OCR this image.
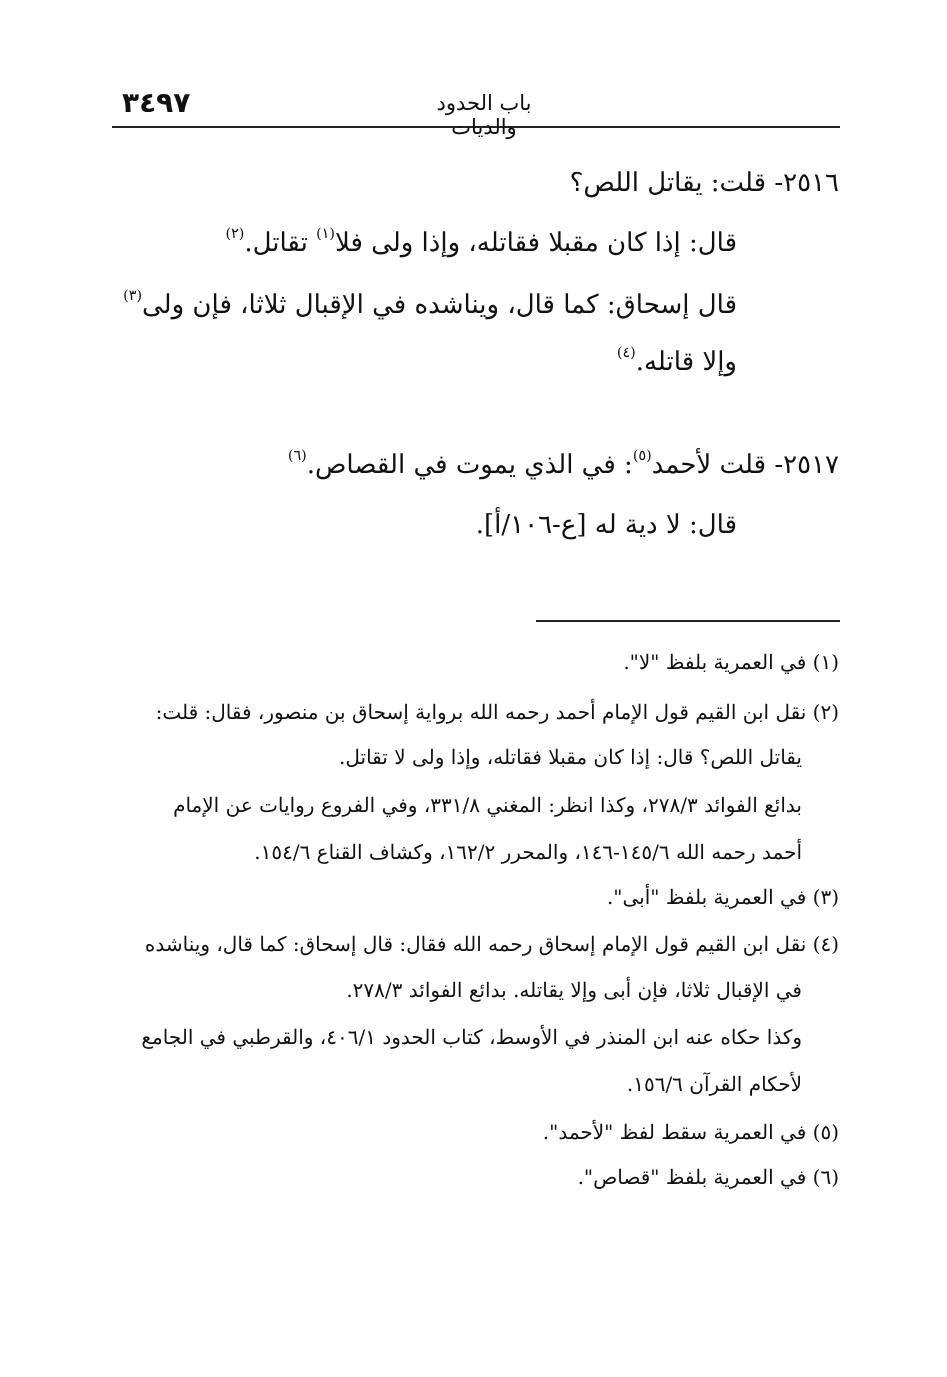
٣٤٩٧	باب الحدود والديات
٢٥١٦- قلت: يقاتل اللص؟
قال: إذا كان مقبلا فقاتله، وإذا ولى فلا$^{(١)}$ تقاتل.$^{(٢)}$
قال إسحاق: كما قال، ويناشده في الإقبال ثلاثا، فإن ولى$^{(٣)}$
وإلا قاتله.$^{(٤)}$
٢٥١٧- قلت لأحمد$^{(٥)}$: في الذي يموت في القصاص.$^{(٦)}$
قال: لا دية له [ع-١٠٦/أ].
(١) في العمرية بلفظ "لا".
(٢) نقل ابن القيم قول الإمام أحمد رحمه الله برواية إسحاق بن منصور، فقال: قلت:
يقاتل اللص؟ قال: إذا كان مقبلا فقاتله، وإذا ولى لا تقاتل.
بدائع الفوائد ٢٧٨/٣، وكذا انظر: المغني ٣٣١/٨، وفي الفروع روايات عن الإمام
أحمد رحمه الله ١٤٥/٦-١٤٦، والمحرر ١٦٢/٢، وكشاف القناع ١٥٤/٦.
(٣) في العمرية بلفظ "أبى".
(٤) نقل ابن القيم قول الإمام إسحاق رحمه الله فقال: قال إسحاق: كما قال، ويناشده
في الإقبال ثلاثا، فإن أبى وإلا يقاتله. بدائع الفوائد ٢٧٨/٣.
وكذا حكاه عنه ابن المنذر في الأوسط، كتاب الحدود ٤٠٦/١، والقرطبي في الجامع
لأحكام القرآن ١٥٦/٦.
(٥) في العمرية سقط لفظ "لأحمد".
(٦) في العمرية بلفظ "قصاص".
